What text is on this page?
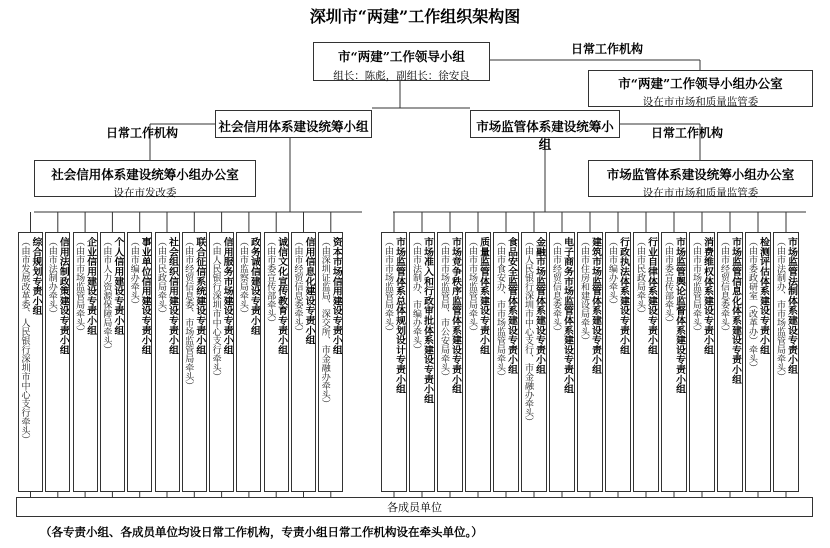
深圳市“两建”工作组织架构图
市“两建”工作领导小组
组长：陈彪，副组长：徐安良
日常工作机构
市“两建”工作领导小组办公室
设在市市场和质量监管委
社会信用体系建设统筹小组
日常工作机构
社会信用体系建设统筹小组办公室
设在市发改委
市场监管体系建设统筹小组
日常工作机构
市场监管体系建设统筹小组办公室
设在市市场和质量监管委
综合规划专责小组
（由市发展改革委、人民银行深圳市中心支行牵头）	信用法制政策建设专责小组
（由市法制办牵头）	企业信用建设专责小组
（由市市场监管局牵头）	个人信用建设专责小组
（由市人力资源保障局牵头）	事业单位信用建设专责小组
（由市编办牵头）	社会组织信用建设专责小组
（由市民政局牵头）	联合征信系统建设专责小组
（由市经贸信息委、市场监管局牵头）	信用服务市场建设专责小组
（由人民银行深圳市中心支行牵头）	政务诚信建设专责小组
（由市监察局牵头）	诚信文化宣传教育专责小组
（由市委宣传部牵头）	信用信息化建设专责小组
（由市经贸信息委牵头）	资本市场信用建设专责小组
（由深圳证监局、深交所、市金融办牵头）	市场监管体系总体规划设计专责小组
（由市市场监管局牵头）	市场准入和行政审批体系建设专责小组
（由市法制办、市编办牵头）	市场竞争秩序监管体系建设专责小组
（由市市场监管局、市公安局牵头）	质量监管体系建设专责小组
（由市市场监管局牵头）	食品安全监管体系建设专责小组
（由市食安办、市市场监管局牵头）	金融市场监管体系建设专责小组
（由人民银行深圳市中心支行、市金融办牵头）	电子商务市场监管体系建设专责小组
（由市经贸信息委牵头）	建筑市场监管体系建设专责小组
（由市住房和建设局牵头）	行政执法体系建设专责小组
（由市编办牵头）	行业自律体系建设专责小组
（由市民政局牵头）	市场监管舆论监督体系建设专责小组
（由市委宣传部牵头）	消费维权体系建设专责小组
（由市市场监管局牵头）	市场监管信息化体系建设专责小组
（由市经贸信息委牵头）	检测评估体系建设专责小组
（由市委政研室（改革办）牵头）	市场监管法制体系建设专责小组
（由市法制办、市市场监管局牵头）
各成员单位
（各专责小组、各成员单位均设日常工作机构，专责小组日常工作机构设在牵头单位。）
